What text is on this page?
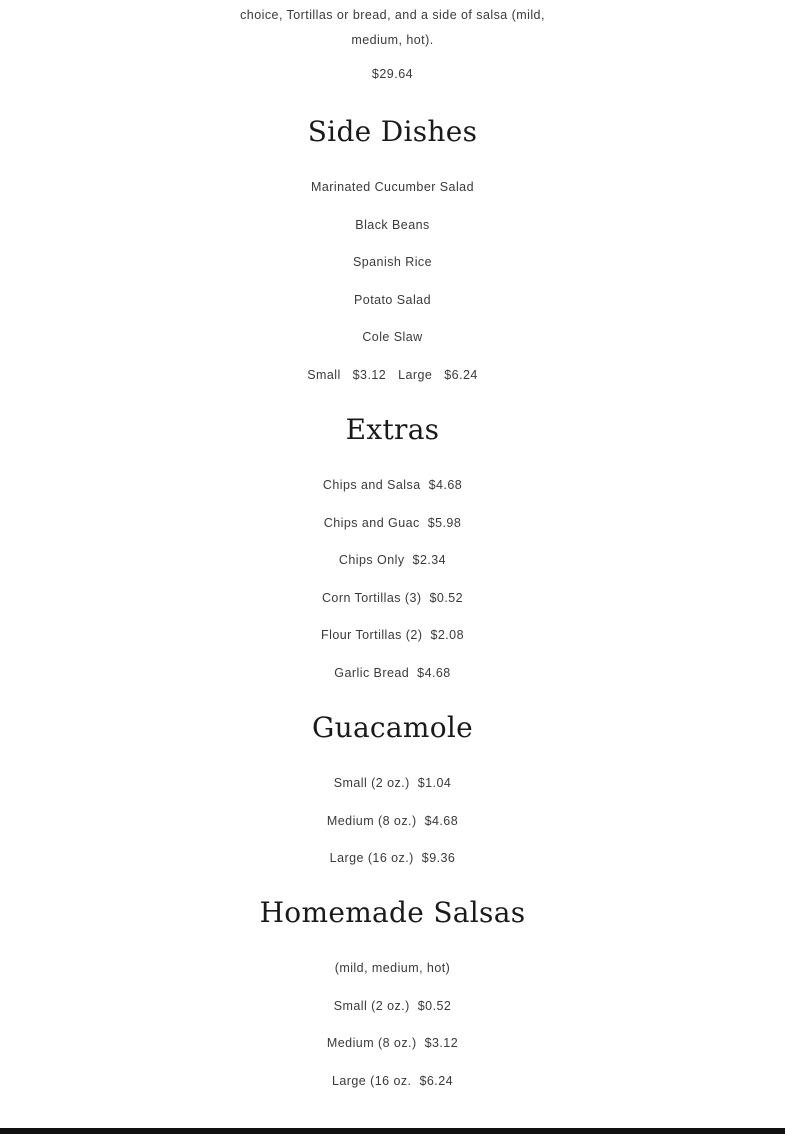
choice, Tortillas or bread, and a side of salsa (mild,

medium, hot).

$29.64

Side Dishes
Marinated Cucumber Salad
Black Beans
Spanish Rice
Potato Salad
Cole Slaw
Small $3.12 Large $6.24
Extras
Chips and Salsa $4.68
Chips and Guac $5.98
Chips Only $2.34
Corn Tortillas (3) $0.52
Flour Tortillas (2) $2.08
Garlic Bread $4.68
Guacamole
Small (2 oz.) $1.04
Medium (8 oz.) $4.68
Large (16 oz.) $9.36
Homemade Salsas
(mild, medium, hot)
Small (2 oz.) $0.52
Medium (8 oz.) $3.12
Large (16 oz. $6.24
